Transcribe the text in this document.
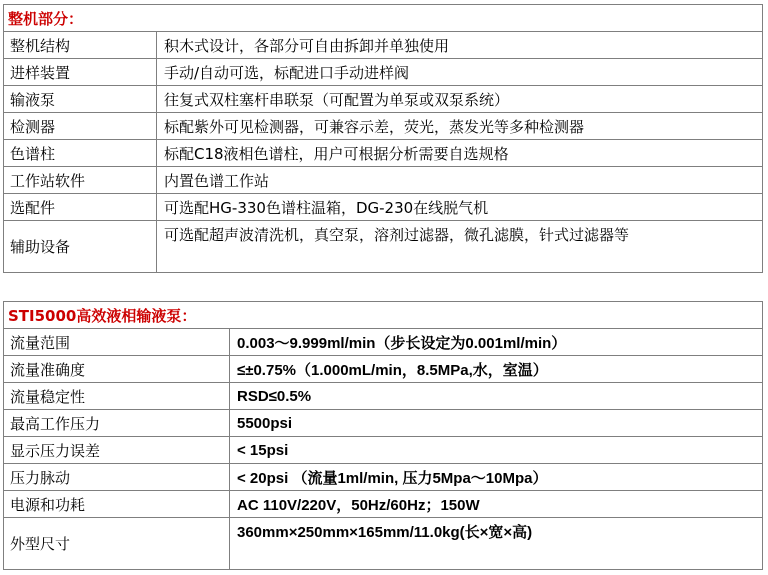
整机部分：	
整机结构	积木式设计，各部分可自由拆卸并单独使用
进样装置	手动/自动可选，标配进口手动进样阀
输液泵	往复式双柱塞杆串联泵（可配置为单泵或双泵系统）
检测器	标配紫外可见检测器，可兼容示差，荧光，蒸发光等多种检测器
色谱柱	标配C18液相色谱柱，用户可根据分析需要自选规格
工作站软件	内置色谱工作站
选配件	可选配HG-330色谱柱温箱，DG-230在线脱气机
辅助设备	可选配超声波清洗机，真空泵，溶剂过滤器，微孔滤膜，针式过滤器等
STI5000高效液相输液泵：	
流量范围	0.003～9.999ml/min（步长设定为0.001ml/min）
流量准确度	≤±0.75%（1.000mL/min，8.5MPa,水，室温）
流量稳定性	RSD≤0.5%
最高工作压力	5500psi
显示压力误差	< 15psi
压力脉动	< 20psi （流量1ml/min, 压力5Mpa～10Mpa）
电源和功耗	AC 110V/220V，50Hz/60Hz；150W
外型尺寸	360mm×250mm×165mm/11.0kg(长×宽×高)
